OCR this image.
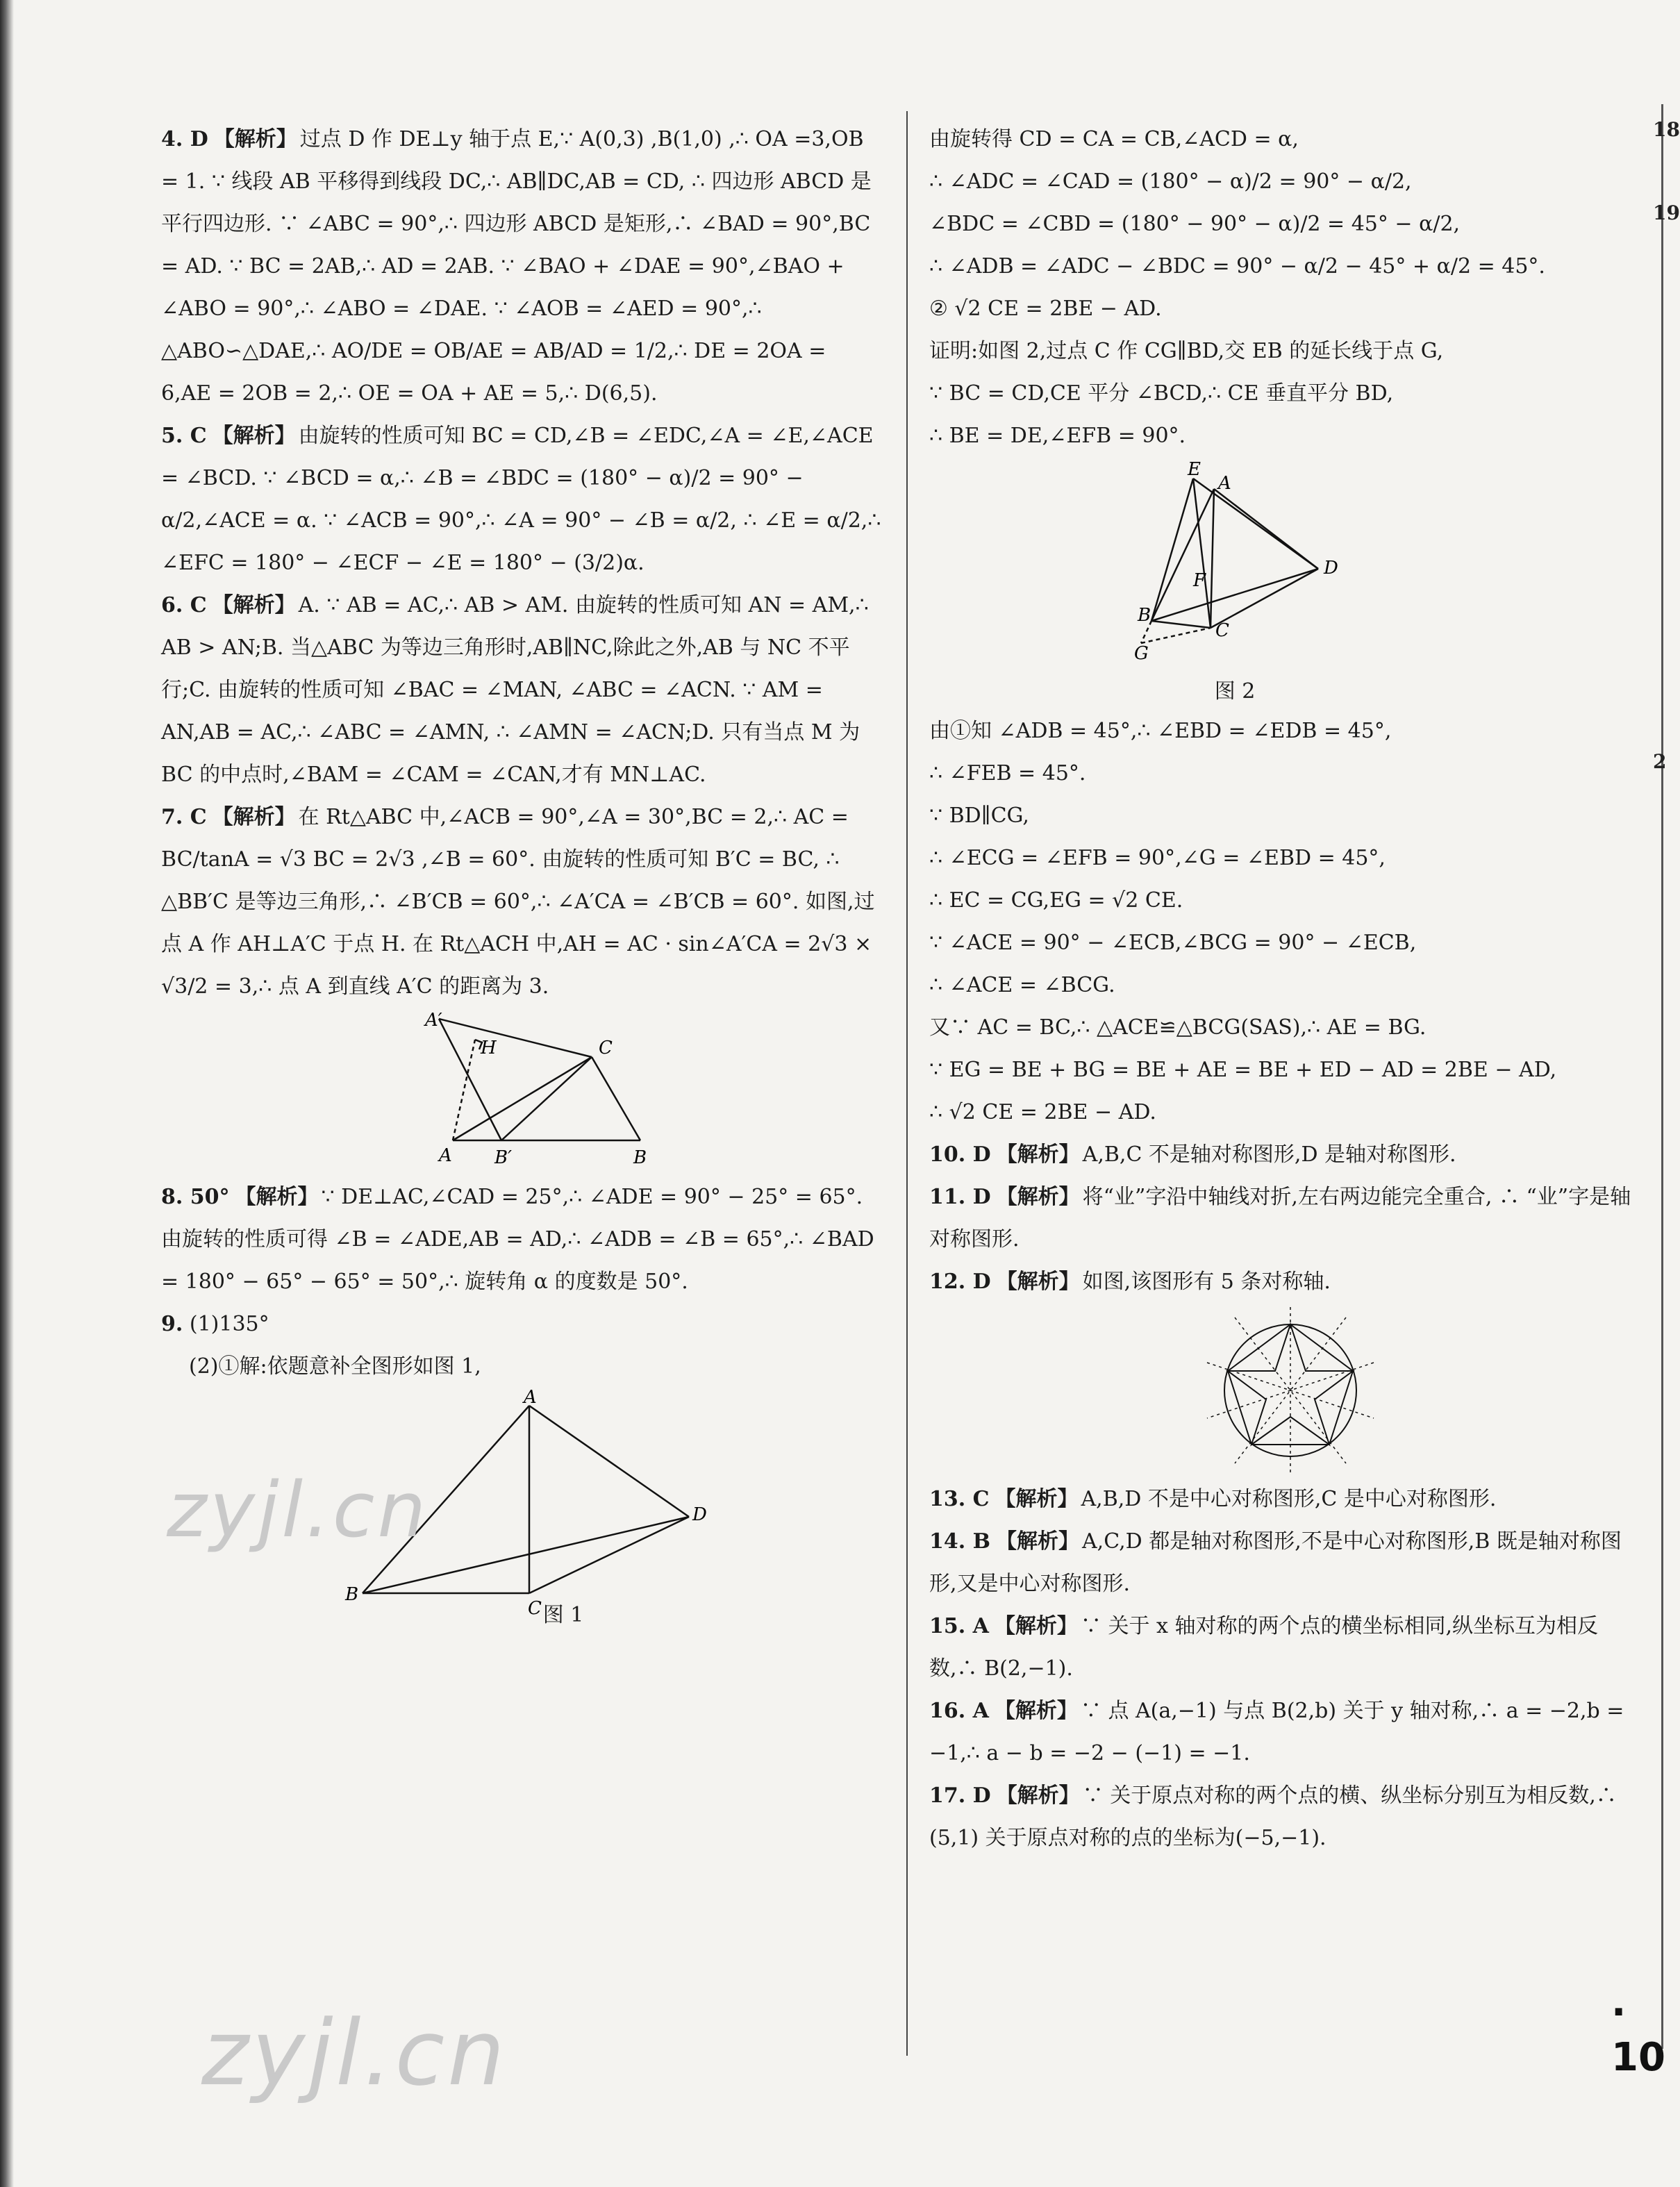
4. D 【解析】 过点 D 作 DE⊥y 轴于点 E,∵ A(0,3) ,B(1,0) ,∴ OA =3,OB = 1. ∵ 线段 AB 平移得到线段 DC,∴ AB∥DC,AB = CD, ∴ 四边形 ABCD 是平行四边形. ∵ ∠ABC = 90°,∴ 四边形 ABCD 是矩形,∴ ∠BAD = 90°,BC = AD. ∵ BC = 2AB,∴ AD = 2AB. ∵ ∠BAO + ∠DAE = 90°,∠BAO + ∠ABO = 90°,∴ ∠ABO = ∠DAE. ∵ ∠AOB = ∠AED = 90°,∴ △ABO∽△DAE,∴ AO/DE = OB/AE = AB/AD = 1/2,∴ DE = 2OA = 6,AE = 2OB = 2,∴ OE = OA + AE = 5,∴ D(6,5).

5. C 【解析】 由旋转的性质可知 BC = CD,∠B = ∠EDC,∠A = ∠E,∠ACE = ∠BCD. ∵ ∠BCD = α,∴ ∠B = ∠BDC = (180° − α)/2 = 90° − α/2,∠ACE = α. ∵ ∠ACB = 90°,∴ ∠A = 90° − ∠B = α/2, ∴ ∠E = α/2,∴ ∠EFC = 180° − ∠ECF − ∠E = 180° − (3/2)α.

6. C 【解析】 A. ∵ AB = AC,∴ AB > AM. 由旋转的性质可知 AN = AM,∴ AB > AN;B. 当△ABC 为等边三角形时,AB∥NC,除此之外,AB 与 NC 不平行;C. 由旋转的性质可知 ∠BAC = ∠MAN, ∠ABC = ∠ACN. ∵ AM = AN,AB = AC,∴ ∠ABC = ∠AMN, ∴ ∠AMN = ∠ACN;D. 只有当点 M 为 BC 的中点时,∠BAM = ∠CAM = ∠CAN,才有 MN⊥AC.

7. C 【解析】 在 Rt△ABC 中,∠ACB = 90°,∠A = 30°,BC = 2,∴ AC = BC/tanA = √3 BC = 2√3 ,∠B = 60°. 由旋转的性质可知 B′C = BC, ∴ △BB′C 是等边三角形,∴ ∠B′CB = 60°,∴ ∠A′CA = ∠B′CB = 60°. 如图,过点 A 作 AH⊥A′C 于点 H. 在 Rt△ACH 中,AH = AC · sin∠A′CA = 2√3 × √3/2 = 3,∴ 点 A 到直线 A′C 的距离为 3.

A′
H	C
A B′	B

8. 50° 【解析】 ∵ DE⊥AC,∠CAD = 25°,∴ ∠ADE = 90° − 25° = 65°. 由旋转的性质可得 ∠B = ∠ADE,AB = AD,∴ ∠ADB = ∠B = 65°,∴ ∠BAD = 180° − 65° − 65° = 50°,∴ 旋转角 α 的度数是 50°.

9. (1)135°

(2)①解:依题意补全图形如图 1,

A
D
B
C 图 1

由旋转得 CD = CA = CB,∠ACD = α,

∴ ∠ADC = ∠CAD = (180° − α)/2 = 90° − α/2,

∠BDC = ∠CBD = (180° − 90° − α)/2 = 45° − α/2,

∴ ∠ADB = ∠ADC − ∠BDC = 90° − α/2 − 45° + α/2 = 45°.

② √2 CE = 2BE − AD.

证明:如图 2,过点 C 作 CG∥BD,交 EB 的延长线于点 G,

∵ BC = CD,CE 平分 ∠BCD,∴ CE 垂直平分 BD,

∴ BE = DE,∠EFB = 90°.

E
A
D
F
B
C
G

图 2

由①知 ∠ADB = 45°,∴ ∠EBD = ∠EDB = 45°,

∴ ∠FEB = 45°.

∵ BD∥CG,

∴ ∠ECG = ∠EFB = 90°,∠G = ∠EBD = 45°,

∴ EC = CG,EG = √2 CE.

∵ ∠ACE = 90° − ∠ECB,∠BCG = 90° − ∠ECB,

∴ ∠ACE = ∠BCG.

又∵ AC = BC,∴ △ACE≌△BCG(SAS),∴ AE = BG.

∵ EG = BE + BG = BE + AE = BE + ED − AD = 2BE − AD,

∴ √2 CE = 2BE − AD.

10. D 【解析】 A,B,C 不是轴对称图形,D 是轴对称图形.

11. D 【解析】 将“业”字沿中轴线对折,左右两边能完全重合, ∴ “业”字是轴对称图形.

12. D 【解析】 如图,该图形有 5 条对称轴.

13. C 【解析】 A,B,D 不是中心对称图形,C 是中心对称图形.

14. B 【解析】 A,C,D 都是轴对称图形,不是中心对称图形,B 既是轴对称图形,又是中心对称图形.

15. A 【解析】 ∵ 关于 x 轴对称的两个点的横坐标相同,纵坐标互为相反数,∴ B(2,−1).

16. A 【解析】 ∵ 点 A(a,−1) 与点 B(2,b) 关于 y 轴对称,∴ a = −2,b = −1,∴ a − b = −2 − (−1) = −1.

17. D 【解析】 ∵ 关于原点对称的两个点的横、纵坐标分别互为相反数,∴ (5,1) 关于原点对称的点的坐标为(−5,−1).

18
19
2
· 10
zyjl.cn
zyjl.cn
